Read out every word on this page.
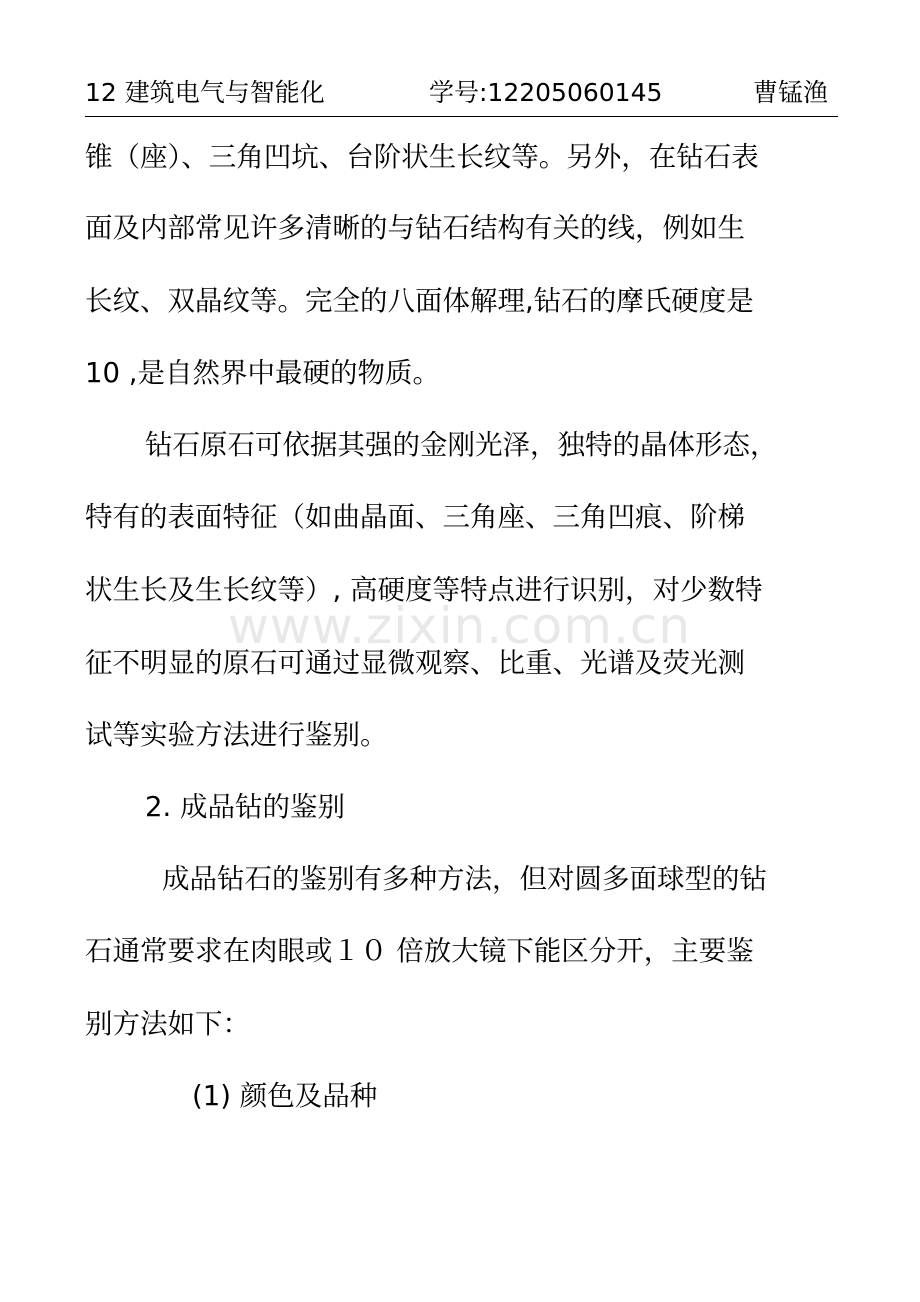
12 建筑电气与智能化	学号:12205060145	曹锰渔
www.zixin.com.cn
锥（座）、三角凹坑、台阶状生长纹等。另外，在钻石表
面及内部常见许多清晰的与钻石结构有关的线，例如生
长纹、双晶纹等。完全的八面体解理,钻石的摩氏硬度是
10 ,是自然界中最硬的物质。
钻石原石可依据其强的金刚光泽，独特的晶体形态，
特有的表面特征（如曲晶面、三角座、三角凹痕、阶梯
状生长及生长纹等）, 高硬度等特点进行识别，对少数特
征不明显的原石可通过显微观察、比重、光谱及荧光测
试等实验方法进行鉴别。
2. 成品钻的鉴别
成品钻石的鉴别有多种方法，但对圆多面球型的钻
石通常要求在肉眼或１０ 倍放大镜下能区分开，主要鉴
别方法如下：
(1) 颜色及品种
